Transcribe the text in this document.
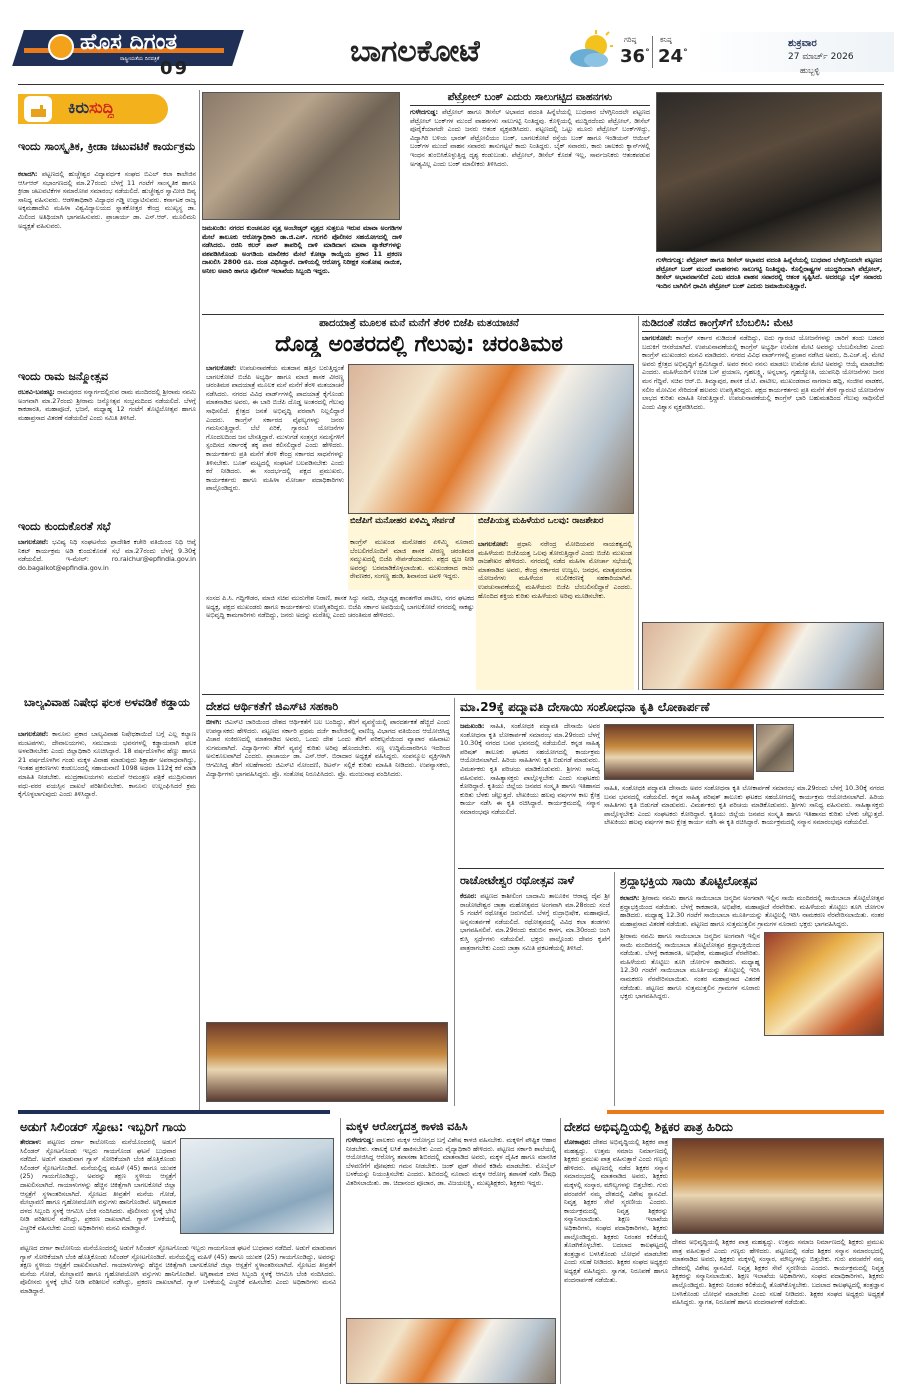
ಹೊಸ ದಿಗಂತ
ರಾಷ್ಟ್ರೀಯತೆಯ ದಿನಪತ್ರಿಕೆ 09	ಬಾಗಲಕೋಟೆ	ಗರಿಷ್ಠ
36°
ಕನಿಷ್ಠ
24°
ಶುಕ್ರವಾರ
27 ಮಾರ್ಚ್ 2026
ಹುಬ್ಬಳ್ಳಿ
ಕಿರುಸುದ್ದಿ
ಇಂದು ಸಾಂಸ್ಕೃತಿಕ, ಕ್ರೀಡಾ ಚಟುವಟಿಕೆ ಕಾರ್ಯಕ್ರಮ
ಕಲಾದಗಿ: ಪಟ್ಟಣದಲ್ಲಿ ಹುಚ್ಚೇಶ್ವರ ವಿದ್ಯಾವರ್ಧಕ ಸಂಘದ ಬಿಎಲ್ ಕಲಾ ಕಾಲೇಜಿನ ಆರ್ಸಿಆರ್ ಸಭಾಂಗಣದಲ್ಲಿ ಮಾ.27ರಂದು ಬೆಳಗ್ಗೆ 11 ಗಂಟೆಗೆ ಸಾಂಸ್ಕೃತಿಕ ಹಾಗೂ ಕ್ರೀಡಾ ಚಟುವಟಿಕೆಗಳ ಸಮಾರೋಪ ಸಮಾರಂಭ ನಡೆಯಲಿದೆ. ಹುಚ್ಚೇಶ್ವರ ಸ್ವಾಮೀಜಿ ದಿವ್ಯ ಸಾನಿಧ್ಯ ವಹಿಸುವರು. ಆಡಳಿತಾಧಿಕಾರಿ ವಿದ್ಯಾಧರ ಗಡ್ಡಿ ಉದ್ಘಾಟಿಸುವರು. ಕರ್ನಾಟಕ ರಾಜ್ಯ ಅಕ್ಕಮಹಾದೇವಿ ಮಹಿಳಾ ವಿಶ್ವವಿದ್ಯಾಲಯದ ಸ್ನಾತಕೋತ್ತರ ಕೇಂದ್ರ ಮುಖ್ಯಸ್ಥ ಡಾ. ಮಿಲಿಂದ ಅತಿಥಿಯಾಗಿ ಭಾಗವಹಿಸುವರು. ಪ್ರಾಚಾರ್ಯ ಡಾ. ಎಸ್.ಆರ್. ಮೂಲಿಮನಿ ಅಧ್ಯಕ್ಷತೆ ವಹಿಸುವರು.
ಇಂದು ರಾಮ ಜನ್ಮೋತ್ಸವ
ರಬಕವಿ-ಬನಹಟ್ಟಿ: ರಾಮಪುರದ ಸನ್ಮಾರ್ಗದಲ್ಲಿರುವ ರಾಮ ಮಂದಿರದಲ್ಲಿ ಶ್ರೀರಾಮ ನವಮಿ ಅಂಗವಾಗಿ ಮಾ.27ರಂದು ಶ್ರೀರಾಮ ಜನ್ಮೋತ್ಸವ ಸಂಭ್ರಮದಿಂದ ನಡೆಯಲಿದೆ. ಬೆಳಗ್ಗೆ ಕಾಕಡಾರತಿ, ಮಹಾಪೂಜೆ, ಭಜನೆ, ಮಧ್ಯಾಹ್ನ 12 ಗಂಟೆಗೆ ತೊಟ್ಟಿಲೋತ್ಸವ ಹಾಗೂ ಮಹಾಪ್ರಸಾದ ವಿತರಣೆ ನಡೆಯಲಿದೆ ಎಂದು ಸಮಿತಿ ತಿಳಿಸಿದೆ.
ಇಂದು ಕುಂದುಕೊರತೆ ಸಭೆ
ಬಾಗಲಕೋಟೆ: ಭವಿಷ್ಯ ನಿಧಿ ಸಂಘಟನೆಯ ಪ್ರಾದೇಶಿಕ ಕಚೇರಿ ವತಿಯಿಂದ ನಿಧಿ ಆಪ್ಕೆ ನಿಕಟ್ ಕಾರ್ಯಕ್ರಮ ಅಡಿ ಕುಂದುಕೊರತೆ ಸಭೆ ಮಾ.27ರಂದು ಬೆಳಗ್ಗೆ 9.30ಕ್ಕೆ ನಡೆಯಲಿದೆ. ಇ-ಮೇಲ್: ro.raichur@epfindia.gov.in do.bagalkot@epfindia.gov.in
ಬಾಲ್ಯವಿವಾಹ ನಿಷೇಧ ಫಲಕ ಅಳವಡಿಕೆ ಕಡ್ಡಾಯ
ಬಾಗಲಕೋಟೆ: ಕಾನೂನು ಪ್ರಕಾರ ಬಾಲ್ಯವಿವಾಹ ನಿಷೇಧಕಾಯಿದೆ ಬಗ್ಗೆ ಎಲ್ಲ ಕಲ್ಯಾಣ ಮಂಟಪಗಳು, ದೇವಾಲಯಗಳು, ಸಮುದಾಯ ಭವನಗಳಲ್ಲಿ ಕಡ್ಡಾಯವಾಗಿ ಫಲಕ ಅಳವಡಿಸಬೇಕು ಎಂದು ಜಿಲ್ಲಾಧಿಕಾರಿ ಸೂಚಿಸಿದ್ದಾರೆ. 18 ವರ್ಷದೊಳಗಿನ ಹೆಣ್ಣು ಹಾಗೂ 21 ವರ್ಷದೊಳಗಿನ ಗಂಡು ಮಕ್ಕಳ ವಿವಾಹ ಮಾಡುವುದು ಶಿಕ್ಷಾರ್ಹ ಅಪರಾಧವಾಗಿದ್ದು, ಇಂತಹ ಪ್ರಕರಣಗಳು ಕಂಡುಬಂದಲ್ಲಿ ಸಹಾಯವಾಣಿ 1098 ಅಥವಾ 112ಕ್ಕೆ ಕರೆ ಮಾಡಿ ಮಾಹಿತಿ ನೀಡಬೇಕು. ಮುದ್ರಣಾಲಯಗಳು ಮದುವೆ ಆಮಂತ್ರಣ ಪತ್ರಿಕೆ ಮುದ್ರಿಸುವಾಗ ವಧು-ವರರ ವಯಸ್ಸಿನ ದಾಖಲೆ ಪರಿಶೀಲಿಸಬೇಕು. ಕಾನೂನು ಉಲ್ಲಂಘಿಸಿದರೆ ಕ್ರಮ ಕೈಗೊಳ್ಳಲಾಗುವುದು ಎಂದು ತಿಳಿಸಿದ್ದಾರೆ.
ಜಮಖಂಡಿ: ನಗರದ ಕುಂಚನೂರ ವೃತ್ತ ಅಂಬೇಡ್ಕರ್ ವೃತ್ತದ ಸುತ್ತಲೂ ಇರುವ ಮಾವಾ ಅಂಗಡಿಗಳ ಮೇಲೆ ತಾಲೂಕು ಆರೋಗ್ಯಾಧಿಕಾರಿ ಡಾ.ಜಿ.ಎಸ್. ಗಲಗಲಿ ಪೊಲೀಸರ ಸಹಯೋಗದಲ್ಲಿ ದಾಳಿ ನಡೆಸಿದರು. ರಜಿನಿ ಕಲರ್ ಪಾನ್ ತಾಪರಿಲ್ಲಿ ದಾಳಿ ಮಾಡಿದಾಗ ಮಾವಾ ಪ್ಯಾಕೆಟ್‌ಗಳನ್ನು ವಶಪಡಿಸಿಕೊಂಡು ಅಂಗಡಿಯ ಮಾಲೀಕರ ಮೇಲೆ ಕೋಟ್ಪಾ ಕಾಯ್ದೆಯ ಪ್ರಕಾರ 11 ಪ್ರಕರಣ ದಾಖಲಿಸಿ 2800 ರೂ. ದಂಡ ವಿಧಿಸಿದ್ದಾರೆ. ದಾಳಿಯಲ್ಲಿ ಆರೋಗ್ಯ ನಿರೀಕ್ಷಕ ಸಂತೋಷ ನಾಯಿಕ, ಅನೀಲ ಅವಾರಿ ಹಾಗೂ ಪೊಲೀಸ್ ಇಲಾಖೆಯ ಸಿಬ್ಬಂದಿ ಇದ್ದರು.
ಪೆಟ್ರೋಲ್ ಬಂಕ್ ಎದುರು ಸಾಲುಗಟ್ಟಿದ ವಾಹನಗಳು
ಗುಳೇದಗುಡ್ಡ: ಪೆಟ್ರೋಲ್ ಹಾಗೂ ಡೀಸೆಲ್ ಅಭಾವದ ವದಂತಿ ಹಿನ್ನೆಲೆಯಲ್ಲಿ ಬುಧವಾರ ಬೆಳಗ್ಗಿನಿಂದಲೇ ಪಟ್ಟಣದ ಪೆಟ್ರೋಲ್ ಬಂಕ್‌ಗಳ ಮುಂದೆ ವಾಹನಗಳು ಸಾಲುಗಟ್ಟಿ ನಿಂತಿದ್ದವು. ಕೊಳ್ಳಿಯಲ್ಲಿ ಮುದ್ದಿರದೆಂದು ಪೆಟ್ರೋಲ್, ಡೀಸೆಲ್ ಪೂರೈಕೆಯಾಗದೇ ಎಂದು ಜನರು ಆತಂಕ ವ್ಯಕ್ತಪಡಿಸಿದರು. ಪಟ್ಟಣದಲ್ಲಿ ಒಟ್ಟು ಮೂರು ಪೆಟ್ರೋಲ್ ಬಂಕ್‌ಗಳಿದ್ದು, ವಿದ್ಯಾಗಿರಿ ಬಳಿಯ ಭಾರತ್ ಪೆಟ್ರೋಲಿಯಂ ಬಂಕ್, ಬಾಗಲಕೋಟೆ ರಸ್ತೆಯ ಬಂಕ್ ಹಾಗೂ ಇಂಡಿಯನ್ ಆಯಿಲ್ ಬಂಕ್‌ಗಳ ಮುಂದೆ ವಾಹನ ಸವಾರರು ತಾಸುಗಟ್ಟಲೆ ಕಾದು ನಿಂತಿದ್ದರು. ಬೈಕ್ ಸವಾರರು, ಕಾರು ಚಾಲಕರು ಕ್ಯಾನ್‌ಗಳಲ್ಲಿ ಇಂಧನ ತುಂಬಿಸಿಕೊಳ್ಳುತ್ತಿದ್ದ ದೃಶ್ಯ ಕಂಡುಬಂತು. ಪೆಟ್ರೋಲ್, ಡೀಸೆಲ್ ಕೊರತೆ ಇಲ್ಲ, ಸಾರ್ವಜನಿಕರು ಆತಂಕಪಡುವ ಅಗತ್ಯವಿಲ್ಲ ಎಂದು ಬಂಕ್ ಮಾಲೀಕರು ತಿಳಿಸಿದರು.
ಗುಳೇದಗುಡ್ಡ: ಪೆಟ್ರೋಲ್ ಹಾಗೂ ಡೀಸೆಲ್ ಅಭಾವದ ವದಂತಿ ಹಿನ್ನೆಲೆಯಲ್ಲಿ ಬುಧವಾರ ಬೆಳಗ್ಗಿನಿಂದಲೇ ಪಟ್ಟಣದ ಪೆಟ್ರೋಲ್ ಬಂಕ್ ಮುಂದೆ ವಾಹನಗಳು ಸಾಲುಗಟ್ಟಿ ನಿಂತಿದ್ದವು. ಕೊಲ್ಲಿರಾಷ್ಟ್ರಗಳ ಯುದ್ಧದಿಂದಾಗಿ ಪೆಟ್ರೋಲ್, ಡೀಸೆಲ್ ಅಭಾವವಾಗಲಿದೆ ಎಂಬ ವದಂತಿ ವಾಹನ ಸವಾರರಲ್ಲಿ ಆತಂಕ ಸೃಷ್ಟಿಸಿದೆ. ಅದರಲ್ಲೂ ಬೈಕ್ ಸವಾರರು ಇಂದಿನ ಬಾಗಿಲಿಗೆ ಧಾವಿಸಿ ಪೆಟ್ರೋಲ್ ಬಂಕ್ ಎದುರು ಜಮಾಯಿಸುತ್ತಿದ್ದಾರೆ.
ಪಾದಯಾತ್ರೆ ಮೂಲಕ ಮನೆ ಮನೆಗೆ ತೆರಳಿ ಬಿಜೆಪಿ ಮತಯಾಚನೆ
ದೊಡ್ಡ ಅಂತರದಲ್ಲಿ ಗೆಲುವು: ಚರಂತಿಮಠ
ಬಾಗಲಕೋಟೆ: ಉಪಚುನಾವಣೆಯ ಮತದಾನ ಹತ್ತಿರ ಬರುತ್ತಿದ್ದಂತೆ ಬಾಗಲಕೋಟೆ ಬಿಜೆಪಿ ಅಭ್ಯರ್ಥಿ ಹಾಗೂ ಮಾಜಿ ಶಾಸಕ ವೀರಣ್ಣ ಚರಂತಿಮಠ ಪಾದಯಾತ್ರೆ ಮೂಲಕ ಮನೆ ಮನೆಗೆ ತೆರಳಿ ಮತಯಾಚನೆ ನಡೆಸಿದರು. ನಗರದ ವಿವಿಧ ವಾರ್ಡ್‌ಗಳಲ್ಲಿ ಪಾದಯಾತ್ರೆ ಕೈಗೊಂಡು ಮಾತನಾಡಿದ ಅವರು, ಈ ಬಾರಿ ಬಿಜೆಪಿ ದೊಡ್ಡ ಅಂತರದಲ್ಲಿ ಗೆಲುವು ಸಾಧಿಸಲಿದೆ. ಕ್ಷೇತ್ರದ ಜನತೆ ಅಭಿವೃದ್ಧಿ ಪರವಾಗಿ ನಿಲ್ಲಲಿದ್ದಾರೆ ಎಂದರು. ಕಾಂಗ್ರೆಸ್ ಸರ್ಕಾರದ ವೈಫಲ್ಯಗಳನ್ನು ಜನರು ಗಮನಿಸುತ್ತಿದ್ದಾರೆ. ಬೆಲೆ ಏರಿಕೆ, ಗ್ಯಾರಂಟಿ ಯೋಜನೆಗಳ ಗೊಂದಲದಿಂದ ಜನ ಬೇಸತ್ತಿದ್ದಾರೆ. ಮುಳುಗಡೆ ಸಂತ್ರಸ್ತರ ಸಮಸ್ಯೆಗಳಿಗೆ ಸ್ಪಂದಿಸದ ಸರ್ಕಾರಕ್ಕೆ ತಕ್ಕ ಪಾಠ ಕಲಿಸಲಿದ್ದಾರೆ ಎಂದು ಹೇಳಿದರು. ಕಾರ್ಯಕರ್ತರು ಪ್ರತಿ ಮನೆಗೆ ತೆರಳಿ ಕೇಂದ್ರ ಸರ್ಕಾರದ ಸಾಧನೆಗಳನ್ನು ತಿಳಿಸಬೇಕು. ಬೂತ್ ಮಟ್ಟದಲ್ಲಿ ಸಂಘಟನೆ ಬಲಪಡಿಸಬೇಕು ಎಂದು ಕರೆ ನೀಡಿದರು. ಈ ಸಂದರ್ಭದಲ್ಲಿ ಪಕ್ಷದ ಪ್ರಮುಖರು, ಕಾರ್ಯಕರ್ತರು ಹಾಗೂ ಮಹಿಳಾ ಮೋರ್ಚಾ ಪದಾಧಿಕಾರಿಗಳು ಪಾಲ್ಗೊಂಡಿದ್ದರು.
ಬಿಜೆಪಿಗೆ ಮನೋಹರ ಏಳಿಮ್ಮಿ ಸೇರ್ಪಡೆ
ಕಾಂಗ್ರೆಸ್ ಮುಖಂಡ ಮನೋಹರ ಏಳಿಮ್ಮಿ ನೂರಾರು ಬೆಂಬಲಿಗರೊಂದಿಗೆ ಮಾಜಿ ಶಾಸಕ ವೀರಣ್ಣ ಚರಂತಿಮಠ ಸಮ್ಮುಖದಲ್ಲಿ ಬಿಜೆಪಿ ಸೇರ್ಪಡೆಯಾದರು. ಪಕ್ಷದ ಧ್ವಜ ನೀಡಿ ಅವರನ್ನು ಬರಮಾಡಿಕೊಳ್ಳಲಾಯಿತು. ಮುಖಂಡರಾದ ರಾಜು ರೇವಣಕರ, ಸಂಗಣ್ಣ ಹಂಡಿ, ಶಿವಾನಂದ ಟವಳಿ ಇದ್ದರು.
ಬಿಜೆಪಿಯತ್ತ ಮಹಿಳೆಯರ ಒಲವು: ರಾಜಶೇಖರ
ಬಾಗಲಕೋಟೆ: ಪ್ರಧಾನಿ ನರೇಂದ್ರ ಮೋದಿಯವರ ನಾಯಕತ್ವದಲ್ಲಿ ಮಹಿಳೆಯರು ಬಿಜೆಪಿಯತ್ತ ಒಲವು ತೋರುತ್ತಿದ್ದಾರೆ ಎಂದು ಬಿಜೆಪಿ ಮುಖಂಡ ರಾಜಶೇಖರ ಹೇಳಿದರು. ನಗರದಲ್ಲಿ ನಡೆದ ಮಹಿಳಾ ಮೋರ್ಚಾ ಸಭೆಯಲ್ಲಿ ಮಾತನಾಡಿದ ಅವರು, ಕೇಂದ್ರ ಸರ್ಕಾರದ ಉಜ್ವಲ, ಜನಧನ, ಮಾತೃವಂದನಾ ಯೋಜನೆಗಳು ಮಹಿಳೆಯರ ಸಬಲೀಕರಣಕ್ಕೆ ಸಹಕಾರಿಯಾಗಿವೆ. ಉಪಚುನಾವಣೆಯಲ್ಲಿ ಮಹಿಳೆಯರು ಬಿಜೆಪಿ ಬೆಂಬಲಿಸಲಿದ್ದಾರೆ ಎಂದರು. ಹೊಂದಿದ ಶಕ್ತಿಯ ಕುರಿತು ಮಹಿಳೆಯರು ಅರಿವು ಮೂಡಿಸಬೇಕು.
ಸಂಸದ ಪಿ.ಸಿ. ಗದ್ದಿಗೌಡರ, ಮಾಜಿ ಸಚಿವ ಮುರುಗೇಶ ನಿರಾಣಿ, ಶಾಸಕ ಸಿದ್ದು ಸವದಿ, ಜಿಲ್ಲಾಧ್ಯಕ್ಷ ಶಾಂತಗೌಡ ಪಾಟೀಲ, ನಗರ ಘಟಕದ ಅಧ್ಯಕ್ಷ, ಪಕ್ಷದ ಮುಖಂಡರು ಹಾಗೂ ಕಾರ್ಯಕರ್ತರು ಉಪಸ್ಥಿತರಿದ್ದರು. ಬಿಜೆಪಿ ಸರ್ಕಾರ ಅವಧಿಯಲ್ಲಿ ಬಾಗಲಕೋಟೆ ನಗರದಲ್ಲಿ ಸಾಕಷ್ಟು ಅಭಿವೃದ್ಧಿ ಕಾಮಗಾರಿಗಳು ನಡೆದಿದ್ದು, ಜನರು ಅದನ್ನು ಮರೆತಿಲ್ಲ ಎಂದು ಚರಂತಿಮಠ ಹೇಳಿದರು.
ನುಡಿದಂತೆ ನಡೆದ ಕಾಂಗ್ರೆಸ್‌ಗೆ ಬೆಂಬಲಿಸಿ: ಮೇಟಿ
ಬಾಗಲಕೋಟೆ: ಕಾಂಗ್ರೆಸ್ ಸರ್ಕಾರ ನುಡಿದಂತೆ ನಡೆದಿದ್ದು, ಐದು ಗ್ಯಾರಂಟಿ ಯೋಜನೆಗಳನ್ನು ಜಾರಿಗೆ ತಂದು ಬಡವರ ಬದುಕಿಗೆ ಆಸರೆಯಾಗಿದೆ. ಉಪಚುನಾವಣೆಯಲ್ಲಿ ಕಾಂಗ್ರೆಸ್ ಅಭ್ಯರ್ಥಿ ಉಮೇಶ ಮೇಟಿ ಅವರನ್ನು ಬೆಂಬಲಿಸಬೇಕು ಎಂದು ಕಾಂಗ್ರೆಸ್ ಮುಖಂಡರು ಮನವಿ ಮಾಡಿದರು. ನಗರದ ವಿವಿಧ ವಾರ್ಡ್‌ಗಳಲ್ಲಿ ಪ್ರಚಾರ ನಡೆಸಿದ ಅವರು, ದಿ.ಎಚ್.ವೈ. ಮೇಟಿ ಅವರು ಕ್ಷೇತ್ರದ ಅಭಿವೃದ್ಧಿಗೆ ಶ್ರಮಿಸಿದ್ದಾರೆ. ಅವರ ಕನಸು ನನಸು ಮಾಡಲು ಉಮೇಶ ಮೇಟಿ ಅವರನ್ನು ಆಯ್ಕೆ ಮಾಡಬೇಕು ಎಂದರು. ಮಹಿಳೆಯರಿಗೆ ಉಚಿತ ಬಸ್ ಪ್ರಯಾಣ, ಗೃಹಲಕ್ಷ್ಮಿ, ಅನ್ನಭಾಗ್ಯ, ಗೃಹಜ್ಯೋತಿ, ಯುವನಿಧಿ ಯೋಜನೆಗಳು ಜನರ ಮನ ಗೆದ್ದಿವೆ. ಸಚಿವ ಆರ್.ಬಿ. ತಿಮ್ಮಾಪುರ, ಶಾಸಕ ಜೆ.ಟಿ. ಪಾಟೀಲ, ಮುಖಂಡರಾದ ನಾಗರಾಜ ಹದ್ಲಿ, ಸಂಜೀವ ವಾಡಕರ, ಸಲೀಂ ಮೋಮಿನ ಸೇರಿದಂತೆ ಹಲವರು ಉಪಸ್ಥಿತರಿದ್ದರು. ಪಕ್ಷದ ಕಾರ್ಯಕರ್ತರು ಪ್ರತಿ ಮನೆಗೆ ತೆರಳಿ ಗ್ಯಾರಂಟಿ ಯೋಜನೆಗಳ ಲಾಭದ ಕುರಿತು ಮಾಹಿತಿ ನೀಡುತ್ತಿದ್ದಾರೆ. ಉಪಚುನಾವಣೆಯಲ್ಲಿ ಕಾಂಗ್ರೆಸ್ ಭಾರಿ ಬಹುಮತದಿಂದ ಗೆಲುವು ಸಾಧಿಸಲಿದೆ ಎಂದು ವಿಶ್ವಾಸ ವ್ಯಕ್ತಪಡಿಸಿದರು.
ದೇಶದ ಆರ್ಥಿಕತೆಗೆ ಜಿಎಸ್‌ಟಿ ಸಹಕಾರಿ
ಬೀಳಗಿ: ಜಿಎಸ್‌ಟಿ ಜಾರಿಯಿಂದ ದೇಶದ ಆರ್ಥಿಕತೆಗೆ ಬಲ ಬಂದಿದ್ದು, ತೆರಿಗೆ ವ್ಯವಸ್ಥೆಯಲ್ಲಿ ಪಾರದರ್ಶಕತೆ ಹೆಚ್ಚಿದೆ ಎಂದು ಉಪನ್ಯಾಸಕರು ಹೇಳಿದರು. ಪಟ್ಟಣದ ಸರ್ಕಾರಿ ಪ್ರಥಮ ದರ್ಜೆ ಕಾಲೇಜಿನಲ್ಲಿ ವಾಣಿಜ್ಯ ವಿಭಾಗದ ವತಿಯಿಂದ ಆಯೋಜಿಸಿದ್ದ ವಿಚಾರ ಸಂಕಿರಣದಲ್ಲಿ ಮಾತನಾಡಿದ ಅವರು, ಒಂದು ದೇಶ ಒಂದು ತೆರಿಗೆ ಪರಿಕಲ್ಪನೆಯಿಂದ ವ್ಯಾಪಾರ ವಹಿವಾಟು ಸುಗಮವಾಗಿದೆ. ವಿದ್ಯಾರ್ಥಿಗಳು ತೆರಿಗೆ ವ್ಯವಸ್ಥೆ ಕುರಿತು ಅರಿವು ಹೊಂದಬೇಕು. ಸಣ್ಣ ಉದ್ದಿಮೆದಾರರಿಗೂ ಇದರಿಂದ ಅನುಕೂಲವಾಗಿದೆ ಎಂದರು. ಪ್ರಾಚಾರ್ಯ ಡಾ. ಎಸ್.ಆರ್. ಬಿರಾದಾರ ಅಧ್ಯಕ್ಷತೆ ವಹಿಸಿದ್ದರು. ಸಂಪನ್ಮೂಲ ವ್ಯಕ್ತಿಗಳಾಗಿ ಆಗಮಿಸಿದ್ದ ತೆರಿಗೆ ಸಲಹೆಗಾರರು ಜಿಎಸ್‌ಟಿ ನೋಂದಣಿ, ರಿಟರ್ನ್ ಸಲ್ಲಿಕೆ ಕುರಿತು ಮಾಹಿತಿ ನೀಡಿದರು. ಉಪನ್ಯಾಸಕರು, ವಿದ್ಯಾರ್ಥಿಗಳು ಭಾಗವಹಿಸಿದ್ದರು. ಪ್ರೊ. ಸಂತೋಷ ನಿರೂಪಿಸಿದರು. ಪ್ರೊ. ಮಂಜುನಾಥ ವಂದಿಸಿದರು.
ಮಾ.29ಕ್ಕೆ ಪದ್ಮಾವತಿ ದೇಸಾಯಿ ಸಂಶೋಧನಾ ಕೃತಿ ಲೋಕಾರ್ಪಣೆ
ಜಮಖಂಡಿ: ಸಾಹಿತಿ, ಸಂಶೋಧಕಿ ಪದ್ಮಾವತಿ ದೇಸಾಯಿ ಅವರ ಸಂಶೋಧನಾ ಕೃತಿ ಲೋಕಾರ್ಪಣೆ ಸಮಾರಂಭ ಮಾ.29ರಂದು ಬೆಳಗ್ಗೆ 10.30ಕ್ಕೆ ನಗರದ ಬಸವ ಭವನದಲ್ಲಿ ನಡೆಯಲಿದೆ. ಕನ್ನಡ ಸಾಹಿತ್ಯ ಪರಿಷತ್ ತಾಲೂಕು ಘಟಕದ ಸಹಯೋಗದಲ್ಲಿ ಕಾರ್ಯಕ್ರಮ ಆಯೋಜಿಸಲಾಗಿದೆ. ಹಿರಿಯ ಸಾಹಿತಿಗಳು ಕೃತಿ ಬಿಡುಗಡೆ ಮಾಡುವರು. ವಿಮರ್ಶಕರು ಕೃತಿ ಪರಿಚಯ ಮಾಡಿಕೊಡುವರು. ಶ್ರೀಗಳು ಸಾನಿಧ್ಯ ವಹಿಸುವರು. ಸಾಹಿತ್ಯಾಸಕ್ತರು ಪಾಲ್ಗೊಳ್ಳಬೇಕು ಎಂದು ಸಂಘಟಕರು ಕೋರಿದ್ದಾರೆ. ಕೃತಿಯು ಜಿಲ್ಲೆಯ ಜನಪದ ಸಂಸ್ಕೃತಿ ಹಾಗೂ ಇತಿಹಾಸದ ಕುರಿತು ಬೆಳಕು ಚೆಲ್ಲುತ್ತದೆ. ಲೇಖಕಿಯು ಹಲವು ವರ್ಷಗಳ ಕಾಲ ಕ್ಷೇತ್ರ ಕಾರ್ಯ ನಡೆಸಿ ಈ ಕೃತಿ ರಚಿಸಿದ್ದಾರೆ. ಕಾರ್ಯಕ್ರಮದಲ್ಲಿ ಸನ್ಮಾನ ಸಮಾರಂಭವೂ ನಡೆಯಲಿದೆ.
ಸಾಹಿತಿ, ಸಂಶೋಧಕಿ ಪದ್ಮಾವತಿ ದೇಸಾಯಿ ಅವರ ಸಂಶೋಧನಾ ಕೃತಿ ಲೋಕಾರ್ಪಣೆ ಸಮಾರಂಭ ಮಾ.29ರಂದು ಬೆಳಗ್ಗೆ 10.30ಕ್ಕೆ ನಗರದ ಬಸವ ಭವನದಲ್ಲಿ ನಡೆಯಲಿದೆ. ಕನ್ನಡ ಸಾಹಿತ್ಯ ಪರಿಷತ್ ತಾಲೂಕು ಘಟಕದ ಸಹಯೋಗದಲ್ಲಿ ಕಾರ್ಯಕ್ರಮ ಆಯೋಜಿಸಲಾಗಿದೆ. ಹಿರಿಯ ಸಾಹಿತಿಗಳು ಕೃತಿ ಬಿಡುಗಡೆ ಮಾಡುವರು. ವಿಮರ್ಶಕರು ಕೃತಿ ಪರಿಚಯ ಮಾಡಿಕೊಡುವರು. ಶ್ರೀಗಳು ಸಾನಿಧ್ಯ ವಹಿಸುವರು. ಸಾಹಿತ್ಯಾಸಕ್ತರು ಪಾಲ್ಗೊಳ್ಳಬೇಕು ಎಂದು ಸಂಘಟಕರು ಕೋರಿದ್ದಾರೆ. ಕೃತಿಯು ಜಿಲ್ಲೆಯ ಜನಪದ ಸಂಸ್ಕೃತಿ ಹಾಗೂ ಇತಿಹಾಸದ ಕುರಿತು ಬೆಳಕು ಚೆಲ್ಲುತ್ತದೆ. ಲೇಖಕಿಯು ಹಲವು ವರ್ಷಗಳ ಕಾಲ ಕ್ಷೇತ್ರ ಕಾರ್ಯ ನಡೆಸಿ ಈ ಕೃತಿ ರಚಿಸಿದ್ದಾರೆ. ಕಾರ್ಯಕ್ರಮದಲ್ಲಿ ಸನ್ಮಾನ ಸಮಾರಂಭವೂ ನಡೆಯಲಿದೆ.
ರಾಚೋಟೇಶ್ವರ ರಥೋತ್ಸವ ನಾಳೆ
ಕೆರೂರ: ಪಟ್ಟಣದ ಕಾಶೀಲಿಂಗ ಬಾದಾಮಿ ತಾಲೂಕಿನ ಆರಾಧ್ಯ ದೈವ ಶ್ರೀ ರಾಚೋಟೇಶ್ವರ ಜಾತ್ರಾ ಮಹೋತ್ಸವದ ಅಂಗವಾಗಿ ಮಾ.28ರಂದು ಸಂಜೆ 5 ಗಂಟೆಗೆ ರಥೋತ್ಸವ ಜರುಗಲಿದೆ. ಬೆಳಗ್ಗೆ ರುದ್ರಾಭಿಷೇಕ, ಮಹಾಪೂಜೆ, ಅನ್ನಸಂತರ್ಪಣೆ ನಡೆಯಲಿದೆ. ರಥೋತ್ಸವದಲ್ಲಿ ವಿವಿಧ ಕಲಾ ತಂಡಗಳು ಭಾಗವಹಿಸಲಿವೆ. ಮಾ.29ರಂದು ಕಡುಬಿನ ಕಾಳಗ, ಮಾ.30ರಂದು ಜಂಗಿ ಕುಸ್ತಿ ಸ್ಪರ್ಧೆಗಳು ನಡೆಯಲಿವೆ. ಭಕ್ತರು ಪಾಲ್ಗೊಂಡು ದೇವರ ಕೃಪೆಗೆ ಪಾತ್ರರಾಗಬೇಕು ಎಂದು ಜಾತ್ರಾ ಸಮಿತಿ ಪ್ರಕಟಣೆಯಲ್ಲಿ ತಿಳಿಸಿದೆ.
ಶ್ರದ್ಧಾಭಕ್ತಿಯ ಸಾಯಿ ತೊಟ್ಟಿಲೋತ್ಸವ
ಕಲಾದಗಿ: ಶ್ರೀರಾಮ ನವಮಿ ಹಾಗೂ ಸಾಯಿಬಾಬಾ ಜನ್ಮದಿನ ಅಂಗವಾಗಿ ಇಲ್ಲಿನ ಸಾಯಿ ಮಂದಿರದಲ್ಲಿ ಸಾಯಿಬಾಬಾ ತೊಟ್ಟಿಲೋತ್ಸವ ಶ್ರದ್ಧಾಭಕ್ತಿಯಿಂದ ನಡೆಯಿತು. ಬೆಳಗ್ಗೆ ಕಾಕಡಾರತಿ, ಅಭಿಷೇಕ, ಮಹಾಪೂಜೆ ನೆರವೇರಿತು. ಮಹಿಳೆಯರು ತೊಟ್ಟಿಲು ತೂಗಿ ಜೋಗುಳ ಹಾಡಿದರು. ಮಧ್ಯಾಹ್ನ 12.30 ಗಂಟೆಗೆ ಸಾಯಿಬಾಬಾ ಮೂರ್ತಿಯನ್ನು ತೊಟ್ಟಿಲಲ್ಲಿ ಇರಿಸಿ ನಾಮಕರಣ ನೆರವೇರಿಸಲಾಯಿತು. ನಂತರ ಮಹಾಪ್ರಸಾದ ವಿತರಣೆ ನಡೆಯಿತು. ಪಟ್ಟಣದ ಹಾಗೂ ಸುತ್ತಮುತ್ತಲಿನ ಗ್ರಾಮಗಳ ನೂರಾರು ಭಕ್ತರು ಭಾಗವಹಿಸಿದ್ದರು.
ಶ್ರೀರಾಮ ನವಮಿ ಹಾಗೂ ಸಾಯಿಬಾಬಾ ಜನ್ಮದಿನ ಅಂಗವಾಗಿ ಇಲ್ಲಿನ ಸಾಯಿ ಮಂದಿರದಲ್ಲಿ ಸಾಯಿಬಾಬಾ ತೊಟ್ಟಿಲೋತ್ಸವ ಶ್ರದ್ಧಾಭಕ್ತಿಯಿಂದ ನಡೆಯಿತು. ಬೆಳಗ್ಗೆ ಕಾಕಡಾರತಿ, ಅಭಿಷೇಕ, ಮಹಾಪೂಜೆ ನೆರವೇರಿತು. ಮಹಿಳೆಯರು ತೊಟ್ಟಿಲು ತೂಗಿ ಜೋಗುಳ ಹಾಡಿದರು. ಮಧ್ಯಾಹ್ನ 12.30 ಗಂಟೆಗೆ ಸಾಯಿಬಾಬಾ ಮೂರ್ತಿಯನ್ನು ತೊಟ್ಟಿಲಲ್ಲಿ ಇರಿಸಿ ನಾಮಕರಣ ನೆರವೇರಿಸಲಾಯಿತು. ನಂತರ ಮಹಾಪ್ರಸಾದ ವಿತರಣೆ ನಡೆಯಿತು. ಪಟ್ಟಣದ ಹಾಗೂ ಸುತ್ತಮುತ್ತಲಿನ ಗ್ರಾಮಗಳ ನೂರಾರು ಭಕ್ತರು ಭಾಗವಹಿಸಿದ್ದರು.
ಅಡುಗೆ ಸಿಲಿಂಡರ್ ಸ್ಫೋಟ: ಇಬ್ಬರಿಗೆ ಗಾಯ
ತೇರದಾಳ: ಪಟ್ಟಣದ ದರ್ಗಾ ಕಾಲೋನಿಯ ಮನೆಯೊಂದರಲ್ಲಿ ಅಡುಗೆ ಸಿಲಿಂಡರ್ ಸ್ಫೋಟಗೊಂಡು ಇಬ್ಬರು ಗಾಯಗೊಂಡ ಘಟನೆ ಬುಧವಾರ ನಡೆದಿದೆ. ಅಡುಗೆ ಮಾಡುವಾಗ ಗ್ಯಾಸ್ ಸೋರಿಕೆಯಾಗಿ ಬೆಂಕಿ ಹೊತ್ತಿಕೊಂಡು ಸಿಲಿಂಡರ್ ಸ್ಫೋಟಗೊಂಡಿದೆ. ಮನೆಯಲ್ಲಿದ್ದ ಮಹಿಳೆ (45) ಹಾಗೂ ಯುವಕ (25) ಗಾಯಗೊಂಡಿದ್ದು, ಅವರನ್ನು ತಕ್ಷಣ ಸ್ಥಳೀಯ ಆಸ್ಪತ್ರೆಗೆ ದಾಖಲಿಸಲಾಗಿದೆ. ಗಾಯಾಳುಗಳನ್ನು ಹೆಚ್ಚಿನ ಚಿಕಿತ್ಸೆಗಾಗಿ ಬಾಗಲಕೋಟೆ ಜಿಲ್ಲಾ ಆಸ್ಪತ್ರೆಗೆ ಸ್ಥಳಾಂತರಿಸಲಾಗಿದೆ. ಸ್ಫೋಟದ ತೀವ್ರತೆಗೆ ಮನೆಯ ಗೋಡೆ, ಮೇಲ್ಛಾವಣಿ ಹಾಗೂ ಗೃಹೋಪಯೋಗಿ ವಸ್ತುಗಳು ಹಾನಿಗೊಂಡಿವೆ. ಅಗ್ನಿಶಾಮಕ ದಳದ ಸಿಬ್ಬಂದಿ ಸ್ಥಳಕ್ಕೆ ಆಗಮಿಸಿ ಬೆಂಕಿ ನಂದಿಸಿದರು. ಪೊಲೀಸರು ಸ್ಥಳಕ್ಕೆ ಭೇಟಿ ನೀಡಿ ಪರಿಶೀಲನೆ ನಡೆಸಿದ್ದು, ಪ್ರಕರಣ ದಾಖಲಾಗಿದೆ. ಗ್ಯಾಸ್ ಬಳಕೆಯಲ್ಲಿ ಎಚ್ಚರಿಕೆ ವಹಿಸಬೇಕು ಎಂದು ಅಧಿಕಾರಿಗಳು ಮನವಿ ಮಾಡಿದ್ದಾರೆ.
ಪಟ್ಟಣದ ದರ್ಗಾ ಕಾಲೋನಿಯ ಮನೆಯೊಂದರಲ್ಲಿ ಅಡುಗೆ ಸಿಲಿಂಡರ್ ಸ್ಫೋಟಗೊಂಡು ಇಬ್ಬರು ಗಾಯಗೊಂಡ ಘಟನೆ ಬುಧವಾರ ನಡೆದಿದೆ. ಅಡುಗೆ ಮಾಡುವಾಗ ಗ್ಯಾಸ್ ಸೋರಿಕೆಯಾಗಿ ಬೆಂಕಿ ಹೊತ್ತಿಕೊಂಡು ಸಿಲಿಂಡರ್ ಸ್ಫೋಟಗೊಂಡಿದೆ. ಮನೆಯಲ್ಲಿದ್ದ ಮಹಿಳೆ (45) ಹಾಗೂ ಯುವಕ (25) ಗಾಯಗೊಂಡಿದ್ದು, ಅವರನ್ನು ತಕ್ಷಣ ಸ್ಥಳೀಯ ಆಸ್ಪತ್ರೆಗೆ ದಾಖಲಿಸಲಾಗಿದೆ. ಗಾಯಾಳುಗಳನ್ನು ಹೆಚ್ಚಿನ ಚಿಕಿತ್ಸೆಗಾಗಿ ಬಾಗಲಕೋಟೆ ಜಿಲ್ಲಾ ಆಸ್ಪತ್ರೆಗೆ ಸ್ಥಳಾಂತರಿಸಲಾಗಿದೆ. ಸ್ಫೋಟದ ತೀವ್ರತೆಗೆ ಮನೆಯ ಗೋಡೆ, ಮೇಲ್ಛಾವಣಿ ಹಾಗೂ ಗೃಹೋಪಯೋಗಿ ವಸ್ತುಗಳು ಹಾನಿಗೊಂಡಿವೆ. ಅಗ್ನಿಶಾಮಕ ದಳದ ಸಿಬ್ಬಂದಿ ಸ್ಥಳಕ್ಕೆ ಆಗಮಿಸಿ ಬೆಂಕಿ ನಂದಿಸಿದರು. ಪೊಲೀಸರು ಸ್ಥಳಕ್ಕೆ ಭೇಟಿ ನೀಡಿ ಪರಿಶೀಲನೆ ನಡೆಸಿದ್ದು, ಪ್ರಕರಣ ದಾಖಲಾಗಿದೆ. ಗ್ಯಾಸ್ ಬಳಕೆಯಲ್ಲಿ ಎಚ್ಚರಿಕೆ ವಹಿಸಬೇಕು ಎಂದು ಅಧಿಕಾರಿಗಳು ಮನವಿ ಮಾಡಿದ್ದಾರೆ.
ಮಕ್ಕಳ ಆರೋಗ್ಯದತ್ತ ಕಾಳಜಿ ವಹಿಸಿ
ಗುಳೇದಗುಡ್ಡ: ಪಾಲಕರು ಮಕ್ಕಳ ಆರೋಗ್ಯದ ಬಗ್ಗೆ ವಿಶೇಷ ಕಾಳಜಿ ವಹಿಸಬೇಕು. ಮಕ್ಕಳಿಗೆ ಪೌಷ್ಟಿಕ ಆಹಾರ ನೀಡಬೇಕು. ಸಕಾಲಕ್ಕೆ ಲಸಿಕೆ ಹಾಕಿಸಬೇಕು ಎಂದು ವೈದ್ಯಾಧಿಕಾರಿ ಹೇಳಿದರು. ಪಟ್ಟಣದ ಸರ್ಕಾರಿ ಶಾಲೆಯಲ್ಲಿ ಆಯೋಜಿಸಿದ್ದ ಆರೋಗ್ಯ ತಪಾಸಣಾ ಶಿಬಿರದಲ್ಲಿ ಮಾತನಾಡಿದ ಅವರು, ಮಕ್ಕಳ ದೈಹಿಕ ಹಾಗೂ ಮಾನಸಿಕ ಬೆಳವಣಿಗೆಗೆ ಪೋಷಕರು ಗಮನ ನೀಡಬೇಕು. ಜಂಕ್ ಫುಡ್ ಸೇವನೆ ಕಡಿಮೆ ಮಾಡಬೇಕು. ಮೊಬೈಲ್ ಬಳಕೆಯನ್ನು ನಿಯಂತ್ರಿಸಬೇಕು ಎಂದರು. ಶಿಬಿರದಲ್ಲಿ ನೂರಾರು ಮಕ್ಕಳ ಆರೋಗ್ಯ ತಪಾಸಣೆ ನಡೆಸಿ ಔಷಧಿ ವಿತರಿಸಲಾಯಿತು. ಡಾ. ಚಿದಾನಂದ ಪೂಜಾರ, ಡಾ. ವಿಜಯಲಕ್ಷ್ಮಿ, ಮುಖ್ಯಶಿಕ್ಷಕರು, ಶಿಕ್ಷಕರು ಇದ್ದರು.
ದೇಶದ ಅಭಿವೃದ್ಧಿಯಲ್ಲಿ ಶಿಕ್ಷಕರ ಪಾತ್ರ ಹಿರಿದು
ಲೋಕಾಪುರ: ದೇಶದ ಅಭಿವೃದ್ಧಿಯಲ್ಲಿ ಶಿಕ್ಷಕರ ಪಾತ್ರ ಮಹತ್ವದ್ದು. ಉತ್ತಮ ಸಮಾಜ ನಿರ್ಮಾಣದಲ್ಲಿ ಶಿಕ್ಷಕರು ಪ್ರಮುಖ ಪಾತ್ರ ವಹಿಸುತ್ತಾರೆ ಎಂದು ಗಣ್ಯರು ಹೇಳಿದರು. ಪಟ್ಟಣದಲ್ಲಿ ನಡೆದ ಶಿಕ್ಷಕರ ಸನ್ಮಾನ ಸಮಾರಂಭದಲ್ಲಿ ಮಾತನಾಡಿದ ಅವರು, ಶಿಕ್ಷಕರು ಮಕ್ಕಳಲ್ಲಿ ಸಂಸ್ಕಾರ, ಮೌಲ್ಯಗಳನ್ನು ಬಿತ್ತಬೇಕು. ಗುರು ಪರಂಪರೆಗೆ ನಮ್ಮ ದೇಶದಲ್ಲಿ ವಿಶೇಷ ಸ್ಥಾನವಿದೆ. ನಿವೃತ್ತ ಶಿಕ್ಷಕರ ಸೇವೆ ಸ್ಮರಣೀಯ ಎಂದರು. ಕಾರ್ಯಕ್ರಮದಲ್ಲಿ ನಿವೃತ್ತ ಶಿಕ್ಷಕರನ್ನು ಸನ್ಮಾನಿಸಲಾಯಿತು. ಶಿಕ್ಷಣ ಇಲಾಖೆಯ ಅಧಿಕಾರಿಗಳು, ಸಂಘದ ಪದಾಧಿಕಾರಿಗಳು, ಶಿಕ್ಷಕರು ಪಾಲ್ಗೊಂಡಿದ್ದರು. ಶಿಕ್ಷಕರು ನಿರಂತರ ಕಲಿಕೆಯಲ್ಲಿ ತೊಡಗಿಕೊಳ್ಳಬೇಕು. ಬದಲಾದ ಕಾಲಘಟ್ಟದಲ್ಲಿ ತಂತ್ರಜ್ಞಾನ ಬಳಸಿಕೊಂಡು ಬೋಧನೆ ಮಾಡಬೇಕು ಎಂದು ಸಲಹೆ ನೀಡಿದರು. ಶಿಕ್ಷಕರ ಸಂಘದ ಅಧ್ಯಕ್ಷರು ಅಧ್ಯಕ್ಷತೆ ವಹಿಸಿದ್ದರು. ಸ್ವಾಗತ, ನಿರೂಪಣೆ ಹಾಗೂ ವಂದನಾರ್ಪಣೆ ನಡೆಯಿತು.
ದೇಶದ ಅಭಿವೃದ್ಧಿಯಲ್ಲಿ ಶಿಕ್ಷಕರ ಪಾತ್ರ ಮಹತ್ವದ್ದು. ಉತ್ತಮ ಸಮಾಜ ನಿರ್ಮಾಣದಲ್ಲಿ ಶಿಕ್ಷಕರು ಪ್ರಮುಖ ಪಾತ್ರ ವಹಿಸುತ್ತಾರೆ ಎಂದು ಗಣ್ಯರು ಹೇಳಿದರು. ಪಟ್ಟಣದಲ್ಲಿ ನಡೆದ ಶಿಕ್ಷಕರ ಸನ್ಮಾನ ಸಮಾರಂಭದಲ್ಲಿ ಮಾತನಾಡಿದ ಅವರು, ಶಿಕ್ಷಕರು ಮಕ್ಕಳಲ್ಲಿ ಸಂಸ್ಕಾರ, ಮೌಲ್ಯಗಳನ್ನು ಬಿತ್ತಬೇಕು. ಗುರು ಪರಂಪರೆಗೆ ನಮ್ಮ ದೇಶದಲ್ಲಿ ವಿಶೇಷ ಸ್ಥಾನವಿದೆ. ನಿವೃತ್ತ ಶಿಕ್ಷಕರ ಸೇವೆ ಸ್ಮರಣೀಯ ಎಂದರು. ಕಾರ್ಯಕ್ರಮದಲ್ಲಿ ನಿವೃತ್ತ ಶಿಕ್ಷಕರನ್ನು ಸನ್ಮಾನಿಸಲಾಯಿತು. ಶಿಕ್ಷಣ ಇಲಾಖೆಯ ಅಧಿಕಾರಿಗಳು, ಸಂಘದ ಪದಾಧಿಕಾರಿಗಳು, ಶಿಕ್ಷಕರು ಪಾಲ್ಗೊಂಡಿದ್ದರು. ಶಿಕ್ಷಕರು ನಿರಂತರ ಕಲಿಕೆಯಲ್ಲಿ ತೊಡಗಿಕೊಳ್ಳಬೇಕು. ಬದಲಾದ ಕಾಲಘಟ್ಟದಲ್ಲಿ ತಂತ್ರಜ್ಞಾನ ಬಳಸಿಕೊಂಡು ಬೋಧನೆ ಮಾಡಬೇಕು ಎಂದು ಸಲಹೆ ನೀಡಿದರು. ಶಿಕ್ಷಕರ ಸಂಘದ ಅಧ್ಯಕ್ಷರು ಅಧ್ಯಕ್ಷತೆ ವಹಿಸಿದ್ದರು. ಸ್ವಾಗತ, ನಿರೂಪಣೆ ಹಾಗೂ ವಂದನಾರ್ಪಣೆ ನಡೆಯಿತು.
